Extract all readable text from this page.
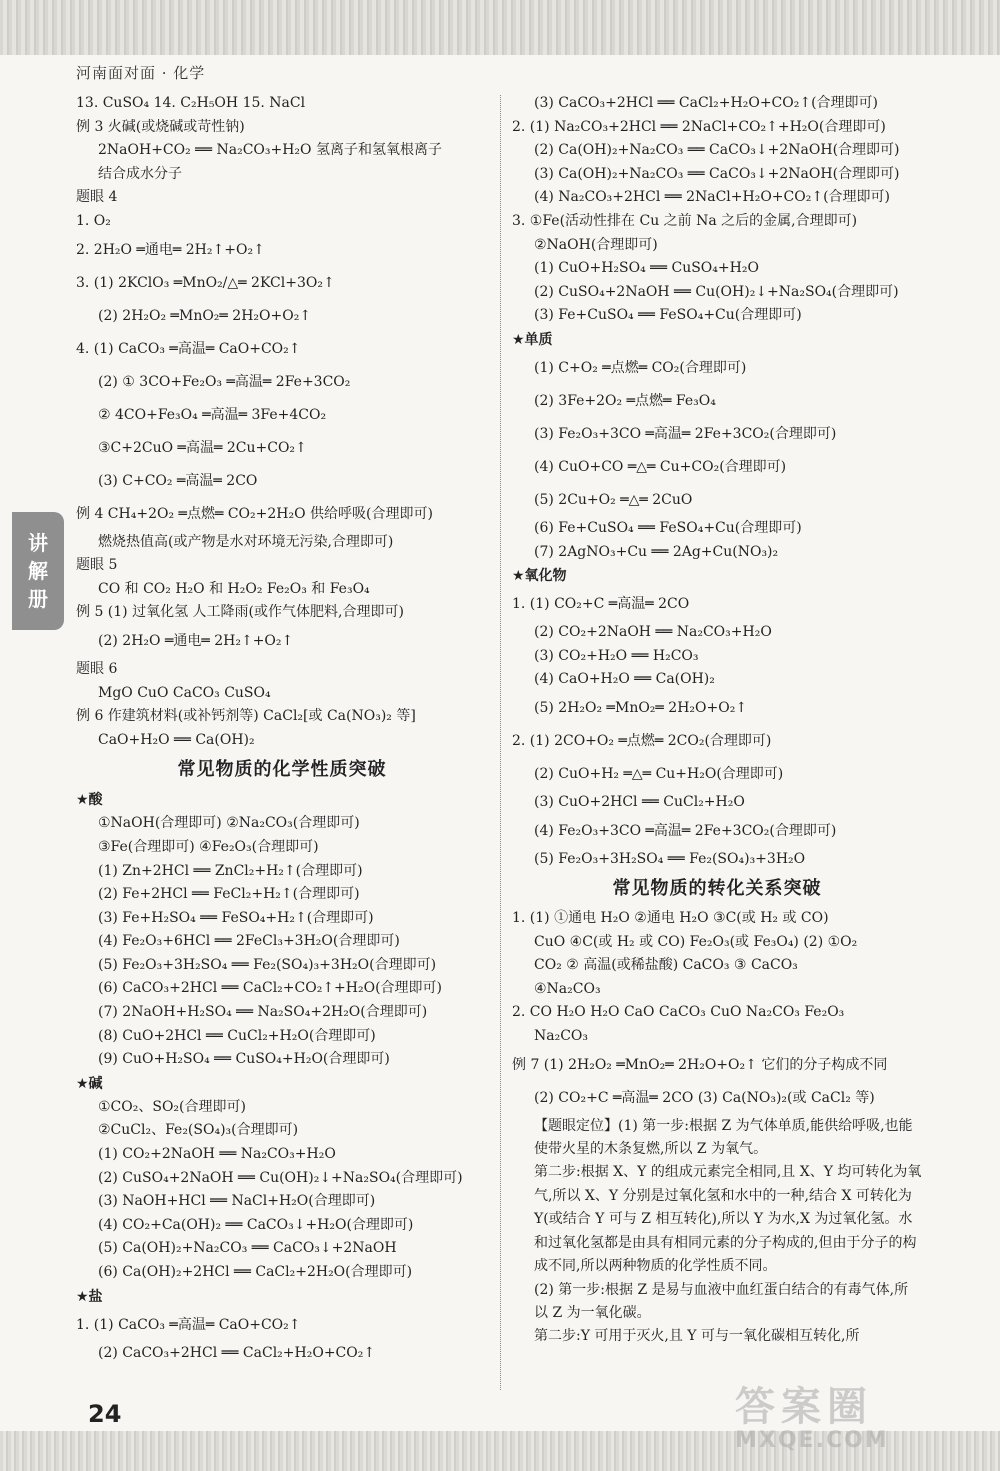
河南面对面 · 化学
13. CuSO₄ 14. C₂H₅OH 15. NaCl
例 3 火碱(或烧碱或苛性钠)
2NaOH+CO₂ ══ Na₂CO₃+H₂O 氢离子和氢氧根离子
结合成水分子
题眼 4
1. O₂
2. 2H₂O ═通电═ 2H₂↑+O₂↑
3. (1) 2KClO₃ ═MnO₂/△═ 2KCl+3O₂↑
(2) 2H₂O₂ ═MnO₂═ 2H₂O+O₂↑
4. (1) CaCO₃ ═高温═ CaO+CO₂↑
(2) ① 3CO+Fe₂O₃ ═高温═ 2Fe+3CO₂
② 4CO+Fe₃O₄ ═高温═ 3Fe+4CO₂
③C+2CuO ═高温═ 2Cu+CO₂↑
(3) C+CO₂ ═高温═ 2CO
例 4 CH₄+2O₂ ═点燃═ CO₂+2H₂O 供给呼吸(合理即可)
燃烧热值高(或产物是水对环境无污染,合理即可)
题眼 5
CO 和 CO₂ H₂O 和 H₂O₂ Fe₂O₃ 和 Fe₃O₄
例 5 (1) 过氧化氢 人工降雨(或作气体肥料,合理即可)
(2) 2H₂O ═通电═ 2H₂↑+O₂↑
题眼 6
MgO CuO CaCO₃ CuSO₄
例 6 作建筑材料(或补钙剂等) CaCl₂[或 Ca(NO₃)₂ 等]
CaO+H₂O ══ Ca(OH)₂
常见物质的化学性质突破
★酸
①NaOH(合理即可) ②Na₂CO₃(合理即可)
③Fe(合理即可) ④Fe₂O₃(合理即可)
(1) Zn+2HCl ══ ZnCl₂+H₂↑(合理即可)
(2) Fe+2HCl ══ FeCl₂+H₂↑(合理即可)
(3) Fe+H₂SO₄ ══ FeSO₄+H₂↑(合理即可)
(4) Fe₂O₃+6HCl ══ 2FeCl₃+3H₂O(合理即可)
(5) Fe₂O₃+3H₂SO₄ ══ Fe₂(SO₄)₃+3H₂O(合理即可)
(6) CaCO₃+2HCl ══ CaCl₂+CO₂↑+H₂O(合理即可)
(7) 2NaOH+H₂SO₄ ══ Na₂SO₄+2H₂O(合理即可)
(8) CuO+2HCl ══ CuCl₂+H₂O(合理即可)
(9) CuO+H₂SO₄ ══ CuSO₄+H₂O(合理即可)
★碱
①CO₂、SO₂(合理即可)
②CuCl₂、Fe₂(SO₄)₃(合理即可)
(1) CO₂+2NaOH ══ Na₂CO₃+H₂O
(2) CuSO₄+2NaOH ══ Cu(OH)₂↓+Na₂SO₄(合理即可)
(3) NaOH+HCl ══ NaCl+H₂O(合理即可)
(4) CO₂+Ca(OH)₂ ══ CaCO₃↓+H₂O(合理即可)
(5) Ca(OH)₂+Na₂CO₃ ══ CaCO₃↓+2NaOH
(6) Ca(OH)₂+2HCl ══ CaCl₂+2H₂O(合理即可)
★盐
1. (1) CaCO₃ ═高温═ CaO+CO₂↑
(2) CaCO₃+2HCl ══ CaCl₂+H₂O+CO₂↑
(3) CaCO₃+2HCl ══ CaCl₂+H₂O+CO₂↑(合理即可)
2. (1) Na₂CO₃+2HCl ══ 2NaCl+CO₂↑+H₂O(合理即可)
(2) Ca(OH)₂+Na₂CO₃ ══ CaCO₃↓+2NaOH(合理即可)
(3) Ca(OH)₂+Na₂CO₃ ══ CaCO₃↓+2NaOH(合理即可)
(4) Na₂CO₃+2HCl ══ 2NaCl+H₂O+CO₂↑(合理即可)
3. ①Fe(活动性排在 Cu 之前 Na 之后的金属,合理即可)
②NaOH(合理即可)
(1) CuO+H₂SO₄ ══ CuSO₄+H₂O
(2) CuSO₄+2NaOH ══ Cu(OH)₂↓+Na₂SO₄(合理即可)
(3) Fe+CuSO₄ ══ FeSO₄+Cu(合理即可)
★单质
(1) C+O₂ ═点燃═ CO₂(合理即可)
(2) 3Fe+2O₂ ═点燃═ Fe₃O₄
(3) Fe₂O₃+3CO ═高温═ 2Fe+3CO₂(合理即可)
(4) CuO+CO ═△═ Cu+CO₂(合理即可)
(5) 2Cu+O₂ ═△═ 2CuO
(6) Fe+CuSO₄ ══ FeSO₄+Cu(合理即可)
(7) 2AgNO₃+Cu ══ 2Ag+Cu(NO₃)₂
★氧化物
1. (1) CO₂+C ═高温═ 2CO
(2) CO₂+2NaOH ══ Na₂CO₃+H₂O
(3) CO₂+H₂O ══ H₂CO₃
(4) CaO+H₂O ══ Ca(OH)₂
(5) 2H₂O₂ ═MnO₂═ 2H₂O+O₂↑
2. (1) 2CO+O₂ ═点燃═ 2CO₂(合理即可)
(2) CuO+H₂ ═△═ Cu+H₂O(合理即可)
(3) CuO+2HCl ══ CuCl₂+H₂O
(4) Fe₂O₃+3CO ═高温═ 2Fe+3CO₂(合理即可)
(5) Fe₂O₃+3H₂SO₄ ══ Fe₂(SO₄)₃+3H₂O
常见物质的转化关系突破
1. (1) ①通电 H₂O ②通电 H₂O ③C(或 H₂ 或 CO)
CuO ④C(或 H₂ 或 CO) Fe₂O₃(或 Fe₃O₄) (2) ①O₂
CO₂ ② 高温(或稀盐酸) CaCO₃ ③ CaCO₃
④Na₂CO₃
2. CO H₂O H₂O CaO CaCO₃ CuO Na₂CO₃ Fe₂O₃
Na₂CO₃
例 7 (1) 2H₂O₂ ═MnO₂═ 2H₂O+O₂↑ 它们的分子构成不同
(2) CO₂+C ═高温═ 2CO (3) Ca(NO₃)₂(或 CaCl₂ 等)
【题眼定位】(1) 第一步:根据 Z 为气体单质,能供给呼吸,也能使带火星的木条复燃,所以 Z 为氧气。
第二步:根据 X、Y 的组成元素完全相同,且 X、Y 均可转化为氧气,所以 X、Y 分别是过氧化氢和水中的一种,结合 X 可转化为 Y(或结合 Y 可与 Z 相互转化),所以 Y 为水,X 为过氧化氢。水和过氧化氢都是由具有相同元素的分子构成的,但由于分子的构成不同,所以两种物质的化学性质不同。
(2) 第一步:根据 Z 是易与血液中血红蛋白结合的有毒气体,所以 Z 为一氧化碳。
第二步:Y 可用于灭火,且 Y 可与一氧化碳相互转化,所
讲
解
册
24	答案圈
MXQE.COM
